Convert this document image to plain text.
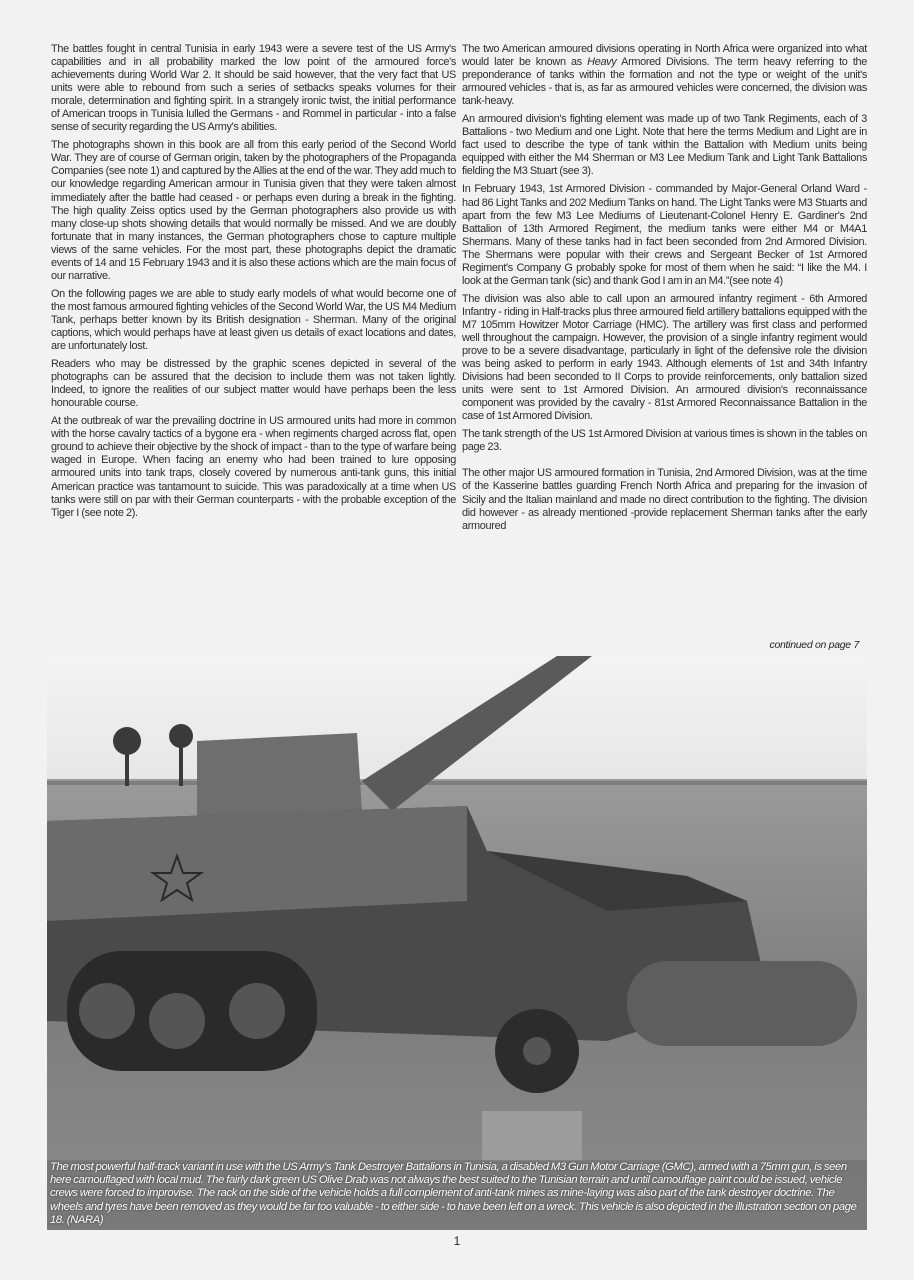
The battles fought in central Tunisia in early 1943 were a severe test of the US Army's capabilities and in all probability marked the low point of the armoured force's achievements during World War 2. It should be said however, that the very fact that US units were able to rebound from such a series of setbacks speaks volumes for their morale, determination and fighting spirit. In a strangely ironic twist, the initial performance of American troops in Tunisia lulled the Germans - and Rommel in particular - into a false sense of security regarding the US Army's abilities.

The photographs shown in this book are all from this early period of the Second World War. They are of course of German origin, taken by the photographers of the Propaganda Companies (see note 1) and captured by the Allies at the end of the war. They add much to our knowledge regarding American armour in Tunisia given that they were taken almost immediately after the battle had ceased - or perhaps even during a break in the fighting. The high quality Zeiss optics used by the German photographers also provide us with many close-up shots showing details that would normally be missed. And we are doubly fortunate that in many instances, the German photographers chose to capture multiple views of the same vehicles. For the most part, these photographs depict the dramatic events of 14 and 15 February 1943 and it is also these actions which are the main focus of our narrative.

On the following pages we are able to study early models of what would become one of the most famous armoured fighting vehicles of the Second World War, the US M4 Medium Tank, perhaps better known by its British designation - Sherman. Many of the original captions, which would perhaps have at least given us details of exact locations and dates, are unfortunately lost.

Readers who may be distressed by the graphic scenes depicted in several of the photographs can be assured that the decision to include them was not taken lightly. Indeed, to ignore the realities of our subject matter would have perhaps been the less honourable course.

At the outbreak of war the prevailing doctrine in US armoured units had more in common with the horse cavalry tactics of a bygone era - when regiments charged across flat, open ground to achieve their objective by the shock of impact - than to the type of warfare being waged in Europe. When facing an enemy who had been trained to lure opposing armoured units into tank traps, closely covered by numerous anti-tank guns, this initial American practice was tantamount to suicide. This was paradoxically at a time when US tanks were still on par with their German counterparts - with the probable exception of the Tiger I (see note 2).

The two American armoured divisions operating in North Africa were organized into what would later be known as Heavy Armored Divisions. The term heavy referring to the preponderance of tanks within the formation and not the type or weight of the unit's armoured vehicles - that is, as far as armoured vehicles were concerned, the division was tank-heavy.

An armoured division's fighting element was made up of two Tank Regiments, each of 3 Battalions - two Medium and one Light. Note that here the terms Medium and Light are in fact used to describe the type of tank within the Battalion with Medium units being equipped with either the M4 Sherman or M3 Lee Medium Tank and Light Tank Battalions fielding the M3 Stuart (see 3).

In February 1943, 1st Armored Division - commanded by Major-General Orland Ward - had 86 Light Tanks and 202 Medium Tanks on hand. The Light Tanks were M3 Stuarts and apart from the few M3 Lee Mediums of Lieutenant-Colonel Henry E. Gardiner's 2nd Battalion of 13th Armored Regiment, the medium tanks were either M4 or M4A1 Shermans. Many of these tanks had in fact been seconded from 2nd Armored Division. The Shermans were popular with their crews and Sergeant Becker of 1st Armored Regiment's Company G probably spoke for most of them when he said: “I like the M4. I look at the German tank (sic) and thank God I am in an M4.”(see note 4)

The division was also able to call upon an armoured infantry regiment - 6th Armored Infantry - riding in Half-tracks plus three armoured field artillery battalions equipped with the M7 105mm Howitzer Motor Carriage (HMC). The artillery was first class and performed well throughout the campaign. However, the provision of a single infantry regiment would prove to be a severe disadvantage, particularly in light of the defensive role the division was being asked to perform in early 1943. Although elements of 1st and 34th Infantry Divisions had been seconded to II Corps to provide reinforcements, only battalion sized units were sent to 1st Armored Division. An armoured division's reconnaissance component was provided by the cavalry - 81st Armored Reconnaissance Battalion in the case of 1st Armored Division.

The tank strength of the US 1st Armored Division at various times is shown in the tables on page 23.

The other major US armoured formation in Tunisia, 2nd Armored Division, was at the time of the Kasserine battles guarding French North Africa and preparing for the invasion of Sicily and the Italian mainland and made no direct contribution to the fighting. The division did however - as already mentioned -provide replacement Sherman tanks after the early armoured

continued on page 7
The most powerful half-track variant in use with the US Army’s Tank Destroyer Battalions in Tunisia, a disabled M3 Gun Motor Carriage (GMC), armed with a 75mm gun, is seen here camouflaged with local mud. The fairly dark green US Olive Drab was not always the best suited to the Tunisian terrain and until camouflage paint could be issued, vehicle crews were forced to improvise. The rack on the side of the vehicle holds a full complement of anti-tank mines as mine-laying was also part of the tank destroyer doctrine. The wheels and tyres have been removed as they would be far too valuable - to either side - to have been left on a wreck. This vehicle is also depicted in the illustration section on page 18. (NARA)
1
